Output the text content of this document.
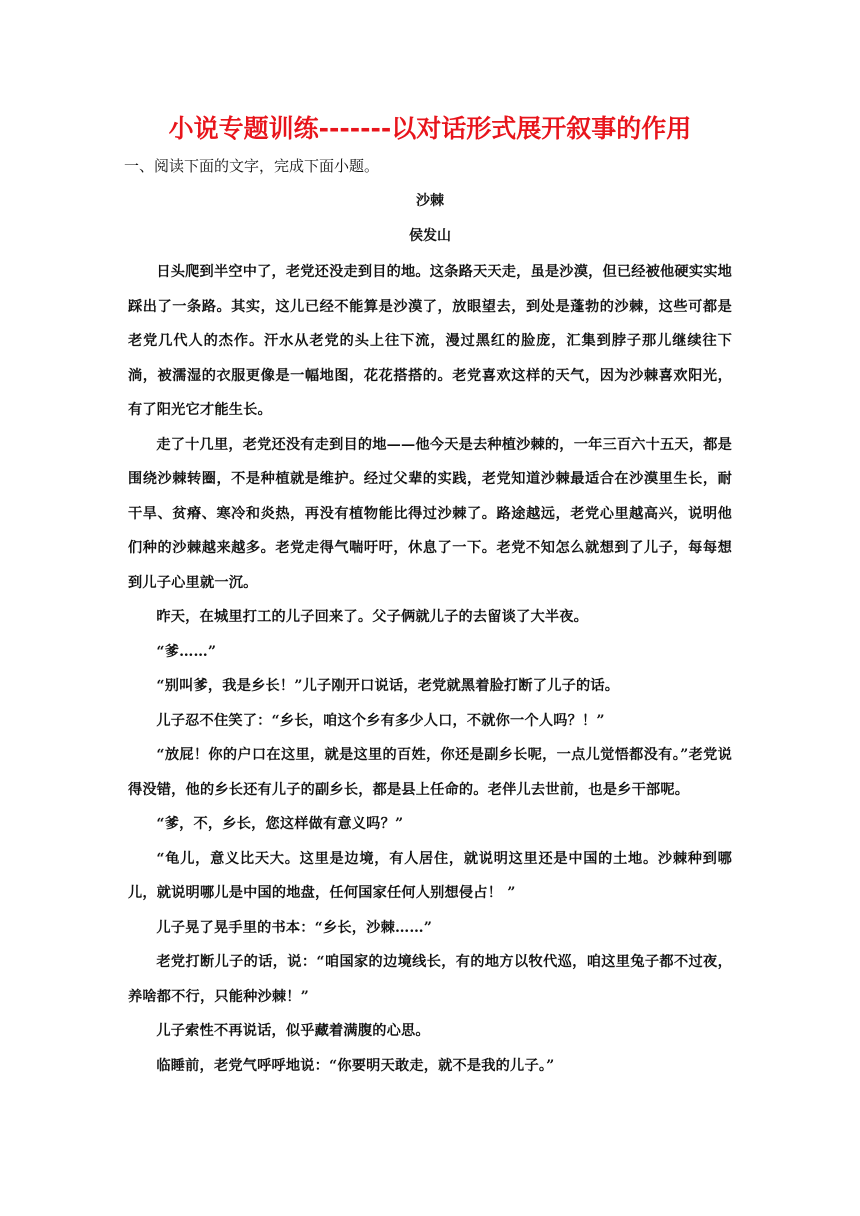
小说专题训练-------以对话形式展开叙事的作用

一、阅读下面的文字，完成下面小题。

沙棘

侯发山

日头爬到半空中了，老党还没走到目的地。这条路天天走，虽是沙漠，但已经被他硬实实地踩出了一条路。其实，这儿已经不能算是沙漠了，放眼望去，到处是蓬勃的沙棘，这些可都是老党几代人的杰作。汗水从老党的头上往下流，漫过黑红的脸庞，汇集到脖子那儿继续往下淌，被濡湿的衣服更像是一幅地图，花花搭搭的。老党喜欢这样的天气，因为沙棘喜欢阳光，有了阳光它才能生长。

走了十几里，老党还没有走到目的地——他今天是去种植沙棘的，一年三百六十五天，都是围绕沙棘转圈，不是种植就是维护。经过父辈的实践，老党知道沙棘最适合在沙漠里生长，耐干旱、贫瘠、寒冷和炎热，再没有植物能比得过沙棘了。路途越远，老党心里越高兴，说明他们种的沙棘越来越多。老党走得气喘吁吁，休息了一下。老党不知怎么就想到了儿子，每每想到儿子心里就一沉。

昨天，在城里打工的儿子回来了。父子俩就儿子的去留谈了大半夜。

“爹……”

“别叫爹，我是乡长！”儿子刚开口说话，老党就黑着脸打断了儿子的话。

儿子忍不住笑了：“乡长，咱这个乡有多少人口，不就你一个人吗？！”

“放屁！你的户口在这里，就是这里的百姓，你还是副乡长呢，一点儿觉悟都没有。”老党说得没错，他的乡长还有儿子的副乡长，都是县上任命的。老伴儿去世前，也是乡干部呢。

“爹，不，乡长，您这样做有意义吗？”

“龟儿，意义比天大。这里是边境，有人居住，就说明这里还是中国的土地。沙棘种到哪儿，就说明哪儿是中国的地盘，任何国家任何人别想侵占！ ”

儿子晃了晃手里的书本：“乡长，沙棘……”

老党打断儿子的话，说：“咱国家的边境线长，有的地方以牧代巡，咱这里兔子都不过夜，养啥都不行，只能种沙棘！”

儿子索性不再说话，似乎藏着满腹的心思。

临睡前，老党气呼呼地说：“你要明天敢走，就不是我的儿子。”
